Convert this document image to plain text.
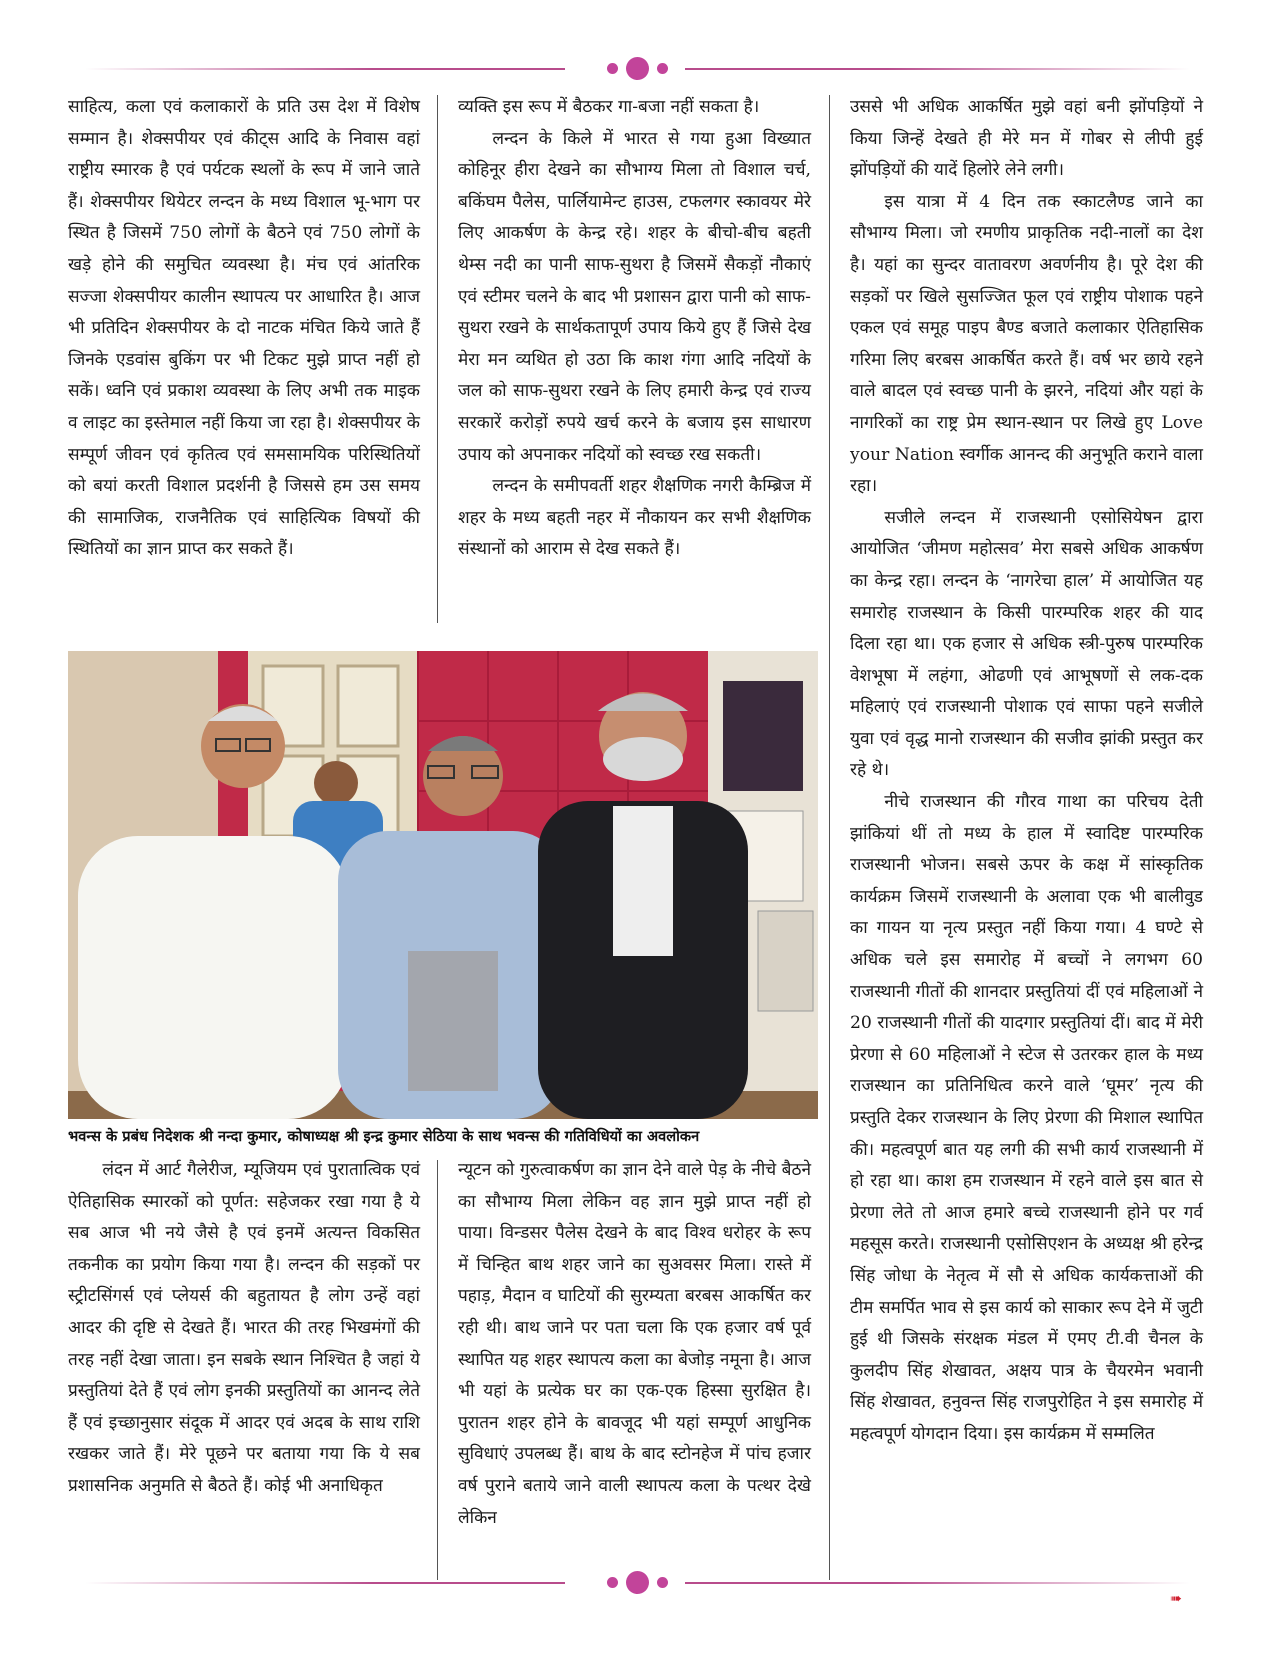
साहित्य, कला एवं कलाकारों के प्रति उस देश में विशेष सम्मान है। शेक्सपीयर एवं कीट्स आदि के निवास वहां राष्ट्रीय स्मारक है एवं पर्यटक स्थलों के रूप में जाने जाते हैं। शेक्सपीयर थियेटर लन्दन के मध्य विशाल भू-भाग पर स्थित है जिसमें 750 लोगों के बैठने एवं 750 लोगों के खड़े होने की समुचित व्यवस्था है। मंच एवं आंतरिक सज्जा शेक्सपीयर कालीन स्थापत्य पर आधारित है। आज भी प्रतिदिन शेक्सपीयर के दो नाटक मंचित किये जाते हैं जिनके एडवांस बुकिंग पर भी टिकट मुझे प्राप्त नहीं हो सकें। ध्वनि एवं प्रकाश व्यवस्था के लिए अभी तक माइक व लाइट का इस्तेमाल नहीं किया जा रहा है। शेक्सपीयर के सम्पूर्ण जीवन एवं कृतित्व एवं समसामयिक परिस्थितियों को बयां करती विशाल प्रदर्शनी है जिससे हम उस समय की सामाजिक, राजनैतिक एवं साहित्यिक विषयों की स्थितियों का ज्ञान प्राप्त कर सकते हैं।

व्यक्ति इस रूप में बैठकर गा-बजा नहीं सकता है।

लन्दन के किले में भारत से गया हुआ विख्यात कोहिनूर हीरा देखने का सौभाग्य मिला तो विशाल चर्च, बकिंघम पैलेस, पार्लियामेन्ट हाउस, टफलगर स्कावयर मेरे लिए आकर्षण के केन्द्र रहे। शहर के बीचो-बीच बहती थेम्स नदी का पानी साफ-सुथरा है जिसमें सैकड़ों नौकाएं एवं स्टीमर चलने के बाद भी प्रशासन द्वारा पानी को साफ-सुथरा रखने के सार्थकतापूर्ण उपाय किये हुए हैं जिसे देख मेरा मन व्यथित हो उठा कि काश गंगा आदि नदियों के जल को साफ-सुथरा रखने के लिए हमारी केन्द्र एवं राज्य सरकारें करोड़ों रुपये खर्च करने के बजाय इस साधारण उपाय को अपनाकर नदियों को स्वच्छ रख सकती।

लन्दन के समीपवर्ती शहर शैक्षणिक नगरी कैम्ब्रिज में शहर के मध्य बहती नहर में नौकायन कर सभी शैक्षणिक संस्थानों को आराम से देख सकते हैं।

उससे भी अधिक आकर्षित मुझे वहां बनी झोंपड़ियों ने किया जिन्हें देखते ही मेरे मन में गोबर से लीपी हुई झोंपड़ियों की यादें हिलोरे लेने लगी।

इस यात्रा में 4 दिन तक स्काटलैण्ड जाने का सौभाग्य मिला। जो रमणीय प्राकृतिक नदी-नालों का देश है। यहां का सुन्दर वातावरण अवर्णनीय है। पूरे देश की सड़कों पर खिले सुसज्जित फूल एवं राष्ट्रीय पोशाक पहने एकल एवं समूह पाइप बैण्ड बजाते कलाकार ऐतिहासिक गरिमा लिए बरबस आकर्षित करते हैं। वर्ष भर छाये रहने वाले बादल एवं स्वच्छ पानी के झरने, नदियां और यहां के नागरिकों का राष्ट्र प्रेम स्थान-स्थान पर लिखे हुए Love your Nation स्वर्गीक आनन्द की अनुभूति कराने वाला रहा।

सजीले लन्दन में राजस्थानी एसोसियेषन द्वारा आयोजित ‘जीमण महोत्सव’ मेरा सबसे अधिक आकर्षण का केन्द्र रहा। लन्दन के ‘नागरेचा हाल’ में आयोजित यह समारोह राजस्थान के किसी पारम्परिक शहर की याद दिला रहा था। एक हजार से अधिक स्त्री-पुरुष पारम्परिक वेशभूषा में लहंगा, ओढणी एवं आभूषणों से लक-दक महिलाएं एवं राजस्थानी पोशाक एवं साफा पहने सजीले युवा एवं वृद्ध मानो राजस्थान की सजीव झांकी प्रस्तुत कर रहे थे।

नीचे राजस्थान की गौरव गाथा का परिचय देती झांकियां थीं तो मध्य के हाल में स्वादिष्ट पारम्परिक राजस्थानी भोजन। सबसे ऊपर के कक्ष में सांस्कृतिक कार्यक्रम जिसमें राजस्थानी के अलावा एक भी बालीवुड का गायन या नृत्य प्रस्तुत नहीं किया गया। 4 घण्टे से अधिक चले इस समारोह में बच्चों ने लगभग 60 राजस्थानी गीतों की शानदार प्रस्तुतियां दीं एवं महिलाओं ने 20 राजस्थानी गीतों की यादगार प्रस्तुतियां दीं। बाद में मेरी प्रेरणा से 60 महिलाओं ने स्टेज से उतरकर हाल के मध्य राजस्थान का प्रतिनिधित्व करने वाले ‘घूमर’ नृत्य की प्रस्तुति देकर राजस्थान के लिए प्रेरणा की मिशाल स्थापित की। महत्वपूर्ण बात यह लगी की सभी कार्य राजस्थानी में हो रहा था। काश हम राजस्थान में रहने वाले इस बात से प्रेरणा लेते तो आज हमारे बच्चे राजस्थानी होने पर गर्व महसूस करते। राजस्थानी एसोसिएशन के अध्यक्ष श्री हरेन्द्र सिंह जोधा के नेतृत्व में सौ से अधिक कार्यकत्ताओं की टीम समर्पित भाव से इस कार्य को साकार रूप देने में जुटी हुई थी जिसके संरक्षक मंडल में एमए टी.वी चैनल के कुलदीप सिंह शेखावत, अक्षय पात्र के चैयरमेन भवानी सिंह शेखावत, हनुवन्त सिंह राजपुरोहित ने इस समारोह में महत्वपूर्ण योगदान दिया। इस कार्यक्रम में सम्मलित

भवन्स के प्रबंध निदेशक श्री नन्दा कुमार, कोषाध्यक्ष श्री इन्द्र कुमार सेठिया के साथ भवन्स की गतिविधियों का अवलोकन

लंदन में आर्ट गैलेरीज, म्यूजियम एवं पुरातात्विक एवं ऐतिहासिक स्मारकों को पूर्णत: सहेजकर रखा गया है ये सब आज भी नये जैसे है एवं इनमें अत्यन्त विकसित तकनीक का प्रयोग किया गया है। लन्दन की सड़कों पर स्ट्रीटसिंगर्स एवं प्लेयर्स की बहुतायत है लोग उन्हें वहां आदर की दृष्टि से देखते हैं। भारत की तरह भिखमंगों की तरह नहीं देखा जाता। इन सबके स्थान निश्चित है जहां ये प्रस्तुतियां देते हैं एवं लोग इनकी प्रस्तुतियों का आनन्द लेते हैं एवं इच्छानुसार संदूक में आदर एवं अदब के साथ राशि रखकर जाते हैं। मेरे पूछने पर बताया गया कि ये सब प्रशासनिक अनुमति से बैठते हैं। कोई भी अनाधिकृत

न्यूटन को गुरुत्वाकर्षण का ज्ञान देने वाले पेड़ के नीचे बैठने का सौभाग्य मिला लेकिन वह ज्ञान मुझे प्राप्त नहीं हो पाया। विन्डसर पैलेस देखने के बाद विश्व धरोहर के रूप में चिन्हित बाथ शहर जाने का सुअवसर मिला। रास्ते में पहाड़, मैदान व घाटियों की सुरम्यता बरबस आकर्षित कर रही थी। बाथ जाने पर पता चला कि एक हजार वर्ष पूर्व स्थापित यह शहर स्थापत्य कला का बेजोड़ नमूना है। आज भी यहां के प्रत्येक घर का एक-एक हिस्सा सुरक्षित है। पुरातन शहर होने के बावजूद भी यहां सम्पूर्ण आधुनिक सुविधाएं उपलब्ध हैं। बाथ के बाद स्टोनहेज में पांच हजार वर्ष पुराने बताये जाने वाली स्थापत्य कला के पत्थर देखे लेकिन

➠
